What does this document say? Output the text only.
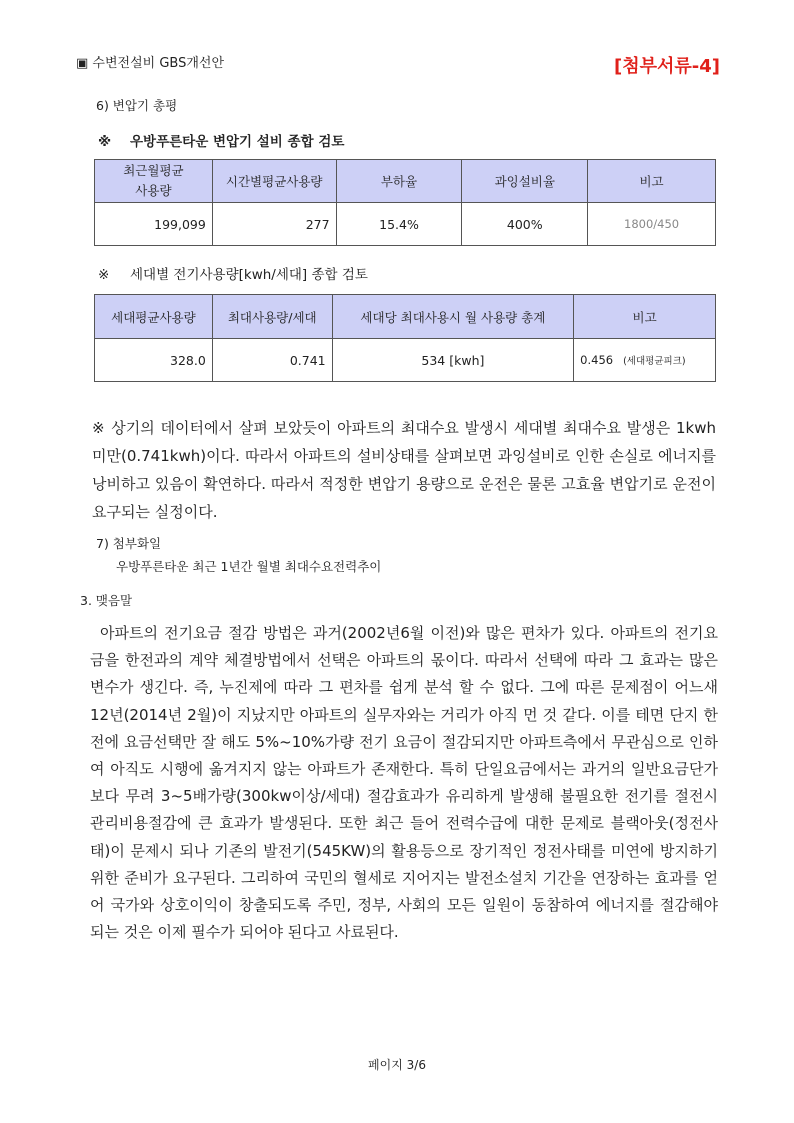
▣ 수변전설비 GBS개선안	[첨부서류-4]
6) 변압기 총평
※ 우방푸른타운 변압기 설비 종합 검토
최근월평균
사용량	시간별평균사용량	부하율	과잉설비율	비고
199,099	277	15.4%	400%	1800/450
※ 세대별 전기사용량[kwh/세대] 종합 검토
세대평균사용량	최대사용량/세대	세대당 최대사용시 월 사용량 총계	비고
328.0	0.741	534 [kwh]	0.456 (세대평균피크)
※ 상기의 데이터에서 살펴 보았듯이 아파트의 최대수요 발생시 세대별 최대수요 발생은 1kwh 미만(0.741kwh)이다. 따라서 아파트의 설비상태를 살펴보면 과잉설비로 인한 손실로 에너지를 낭비하고 있음이 확연하다. 따라서 적정한 변압기 용량으로 운전은 물론 고효율 변압기로 운전이 요구되는 실정이다.
7) 첨부화일
우방푸른타운 최근 1년간 월별 최대수요전력추이
3. 맺음말
아파트의 전기요금 절감 방법은 과거(2002년6월 이전)와 많은 편차가 있다. 아파트의 전기요금을 한전과의 계약 체결방법에서 선택은 아파트의 몫이다. 따라서 선택에 따라 그 효과는 많은 변수가 생긴다. 즉, 누진제에 따라 그 편차를 쉽게 분석 할 수 없다. 그에 따른 문제점이 어느새 12년(2014년 2월)이 지났지만 아파트의 실무자와는 거리가 아직 먼 것 같다. 이를 테면 단지 한전에 요금선택만 잘 해도 5%~10%가량 전기 요금이 절감되지만 아파트측에서 무관심으로 인하여 아직도 시행에 옮겨지지 않는 아파트가 존재한다. 특히 단일요금에서는 과거의 일반요금단가보다 무려 3~5배가량(300kw이상/세대) 절감효과가 유리하게 발생해 불필요한 전기를 절전시 관리비용절감에 큰 효과가 발생된다. 또한 최근 들어 전력수급에 대한 문제로 블랙아웃(정전사태)이 문제시 되나 기존의 발전기(545KW)의 활용등으로 장기적인 정전사태를 미연에 방지하기 위한 준비가 요구된다. 그리하여 국민의 혈세로 지어지는 발전소설치 기간을 연장하는 효과를 얻어 국가와 상호이익이 창출되도록 주민, 정부, 사회의 모든 일원이 동참하여 에너지를 절감해야 되는 것은 이제 필수가 되어야 된다고 사료된다.
페이지 3/6
